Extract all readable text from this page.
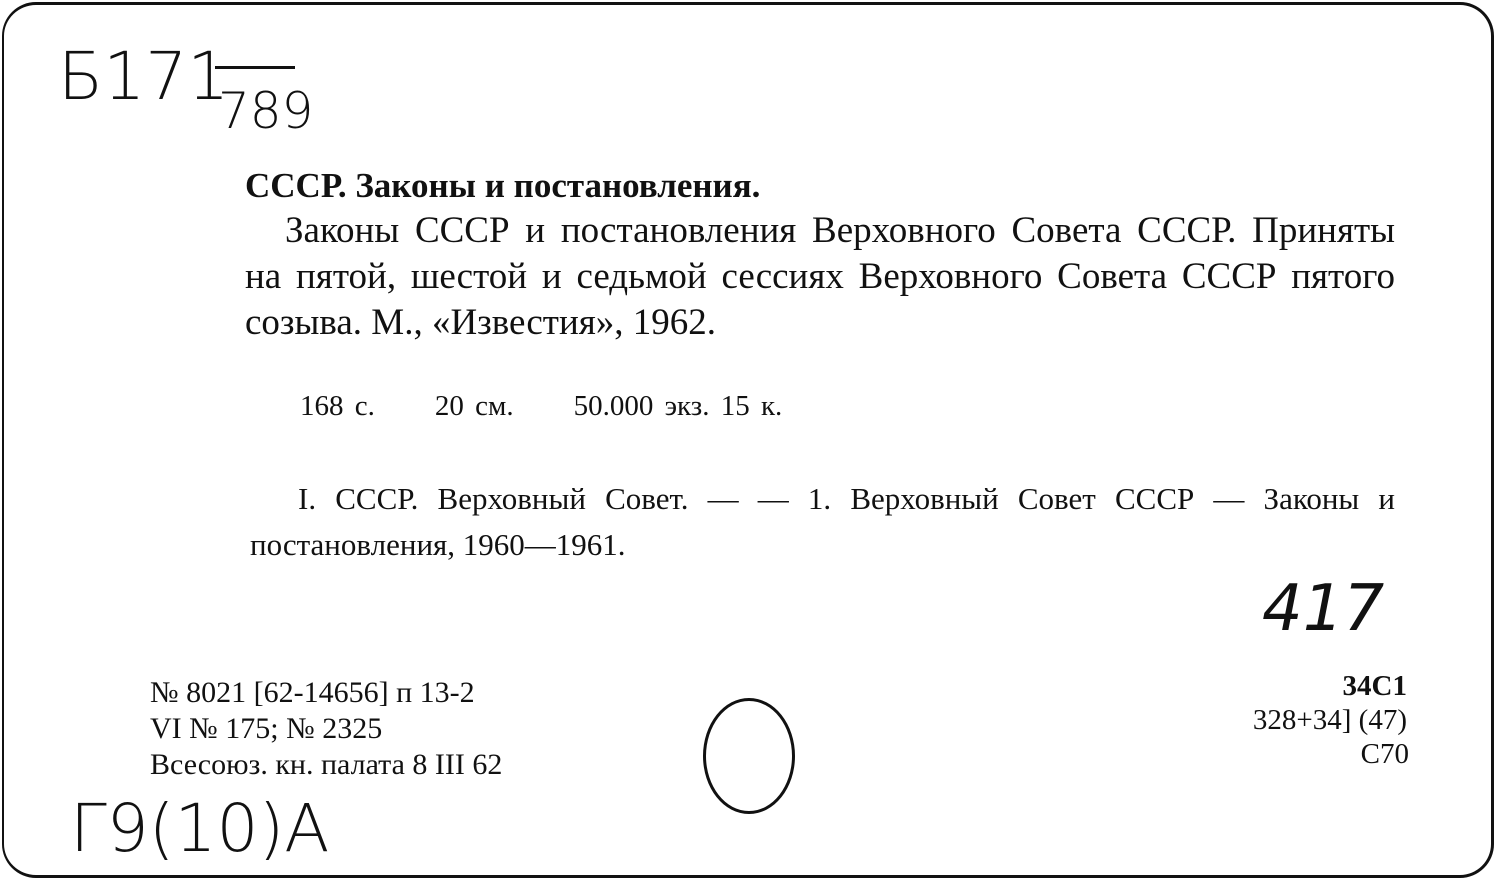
Б171
789
СССР. Законы и постановления.

Законы СССР и постановления Верховного Совета СССР. Приняты на пятой, шестой и седьмой сессиях Верховного Совета СССР пятого созыва. М., «Известия», 1962.

168 с. 20 см. 50.000 экз. 15 к.
I. СССР. Верховный Совет. — — 1. Верховный Совет СССР — Законы и постановления, 1960—1961.
417
№ 8021 [62-14656] п 13-2
VI № 175; № 2325
Всесоюз. кн. палата 8 III 62
34С1
328+34] (47)
С70
Г9(10)А
